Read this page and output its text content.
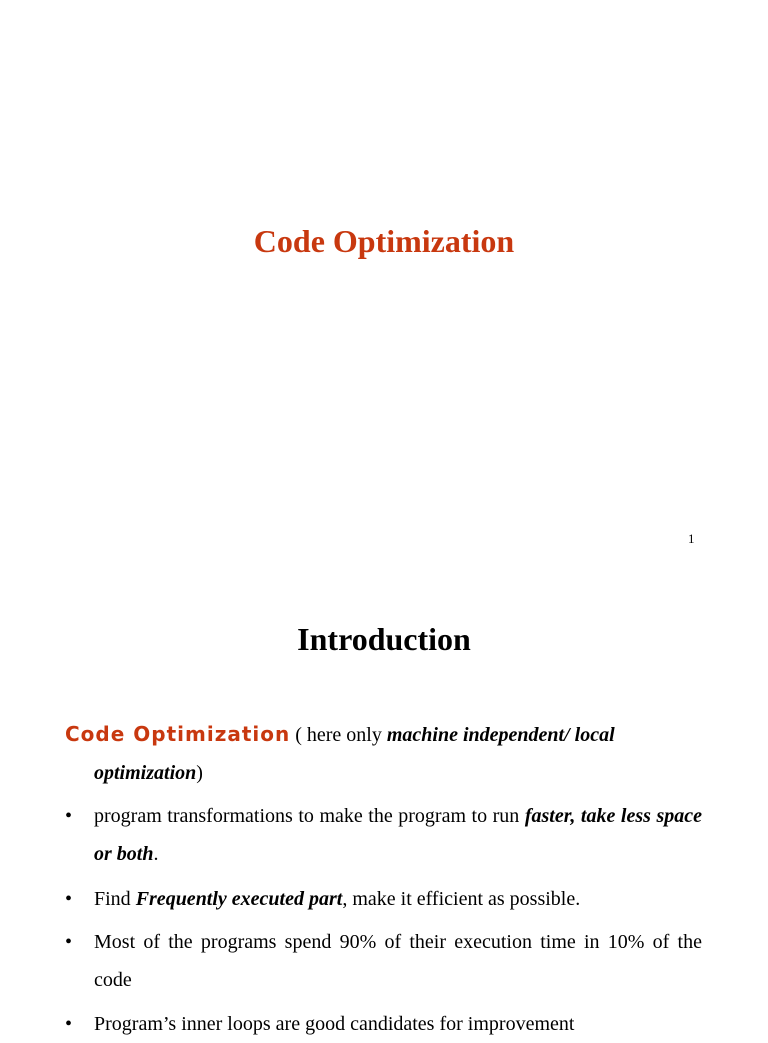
Code Optimization
1
Introduction
Code Optimization ( here only machine independent/ local
optimization)
•	program transformations to make the program to run faster, take less space or both.
•	Find Frequently executed part, make it efficient as possible.
•	Most of the programs spend 90% of their execution time in 10% of the code
•	Program’s inner loops are good candidates for improvement
